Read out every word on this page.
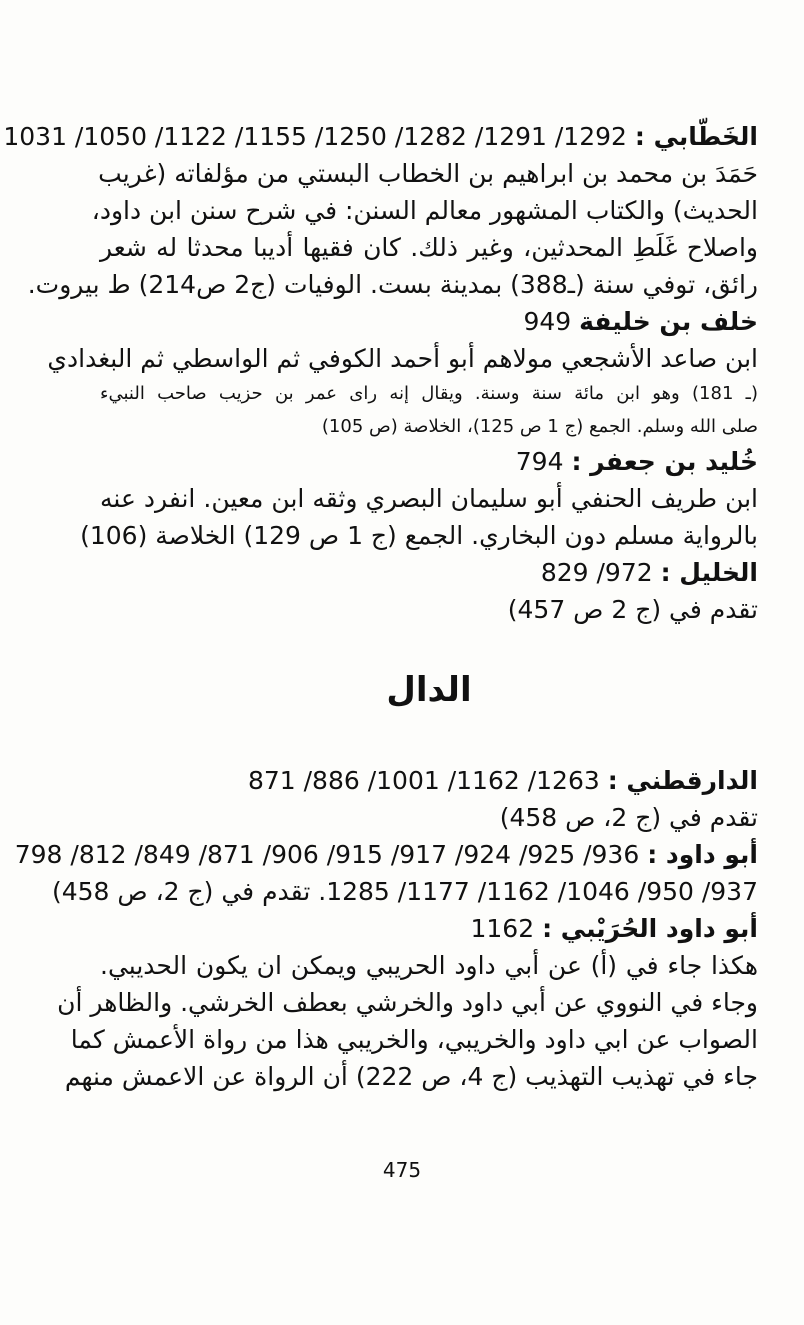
الخَطّابي : 1031 /1050 /1122 /1155 /1250 /1282 /1291 /1292
حَمَدَ بن محمد بن ابراهيم بن الخطاب البستي من مؤلفاته (غريب
الحديث) والكتاب المشهور معالم السنن: في شرح سنن ابن داود،
واصلاح غَلَطِ المحدثين، وغير ذلك. كان فقيها أديبا محدثا له شعر
رائق، توفي سنة (ـ388) بمدينة بست. الوفيات (ج2 ص214) ط بيروت.
خلف بن خليفة 949
ابن صاعد الأشجعي مولاهم أبو أحمد الكوفي ثم الواسطي ثم البغدادي
(ـ 181) وهو ابن مائة سنة وسنة. ويقال إنه راى عمر بن حزيب صاحب النبيء
صلى الله وسلم. الجمع (ج 1 ص 125)، الخلاصة (ص 105)
خُليد بن جعفر : 794
ابن طريف الحنفي أبو سليمان البصري وثقه ابن معين. انفرد عنه
بالرواية مسلم دون البخاري. الجمع (ج 1 ص 129) الخلاصة (106)
الخليل : 829 /972
تقدم في (ج 2 ص 457)
الدال
الدارقطني : 871 /886 /1001 /1162 /1263
تقدم في (ج 2، ص 458)
أبو داود : 798 /812 /849 /871 /906 /915 /917 /924 /925 /936
937/ 950/ 1046/ 1162/ 1177/ 1285. تقدم في (ج 2، ص 458)
أبو داود الحُرَيْبي : 1162
هكذا جاء في (أ) عن أبي داود الحريبي ويمكن ان يكون الحديبي.
وجاء في النووي عن أبي داود والخرشي بعطف الخرشي. والظاهر أن
الصواب عن ابي داود والخريبي، والخريبي هذا من رواة الأعمش كما
جاء في تهذيب التهذيب (ج 4، ص 222) أن الرواة عن الاعمش منهم
475
